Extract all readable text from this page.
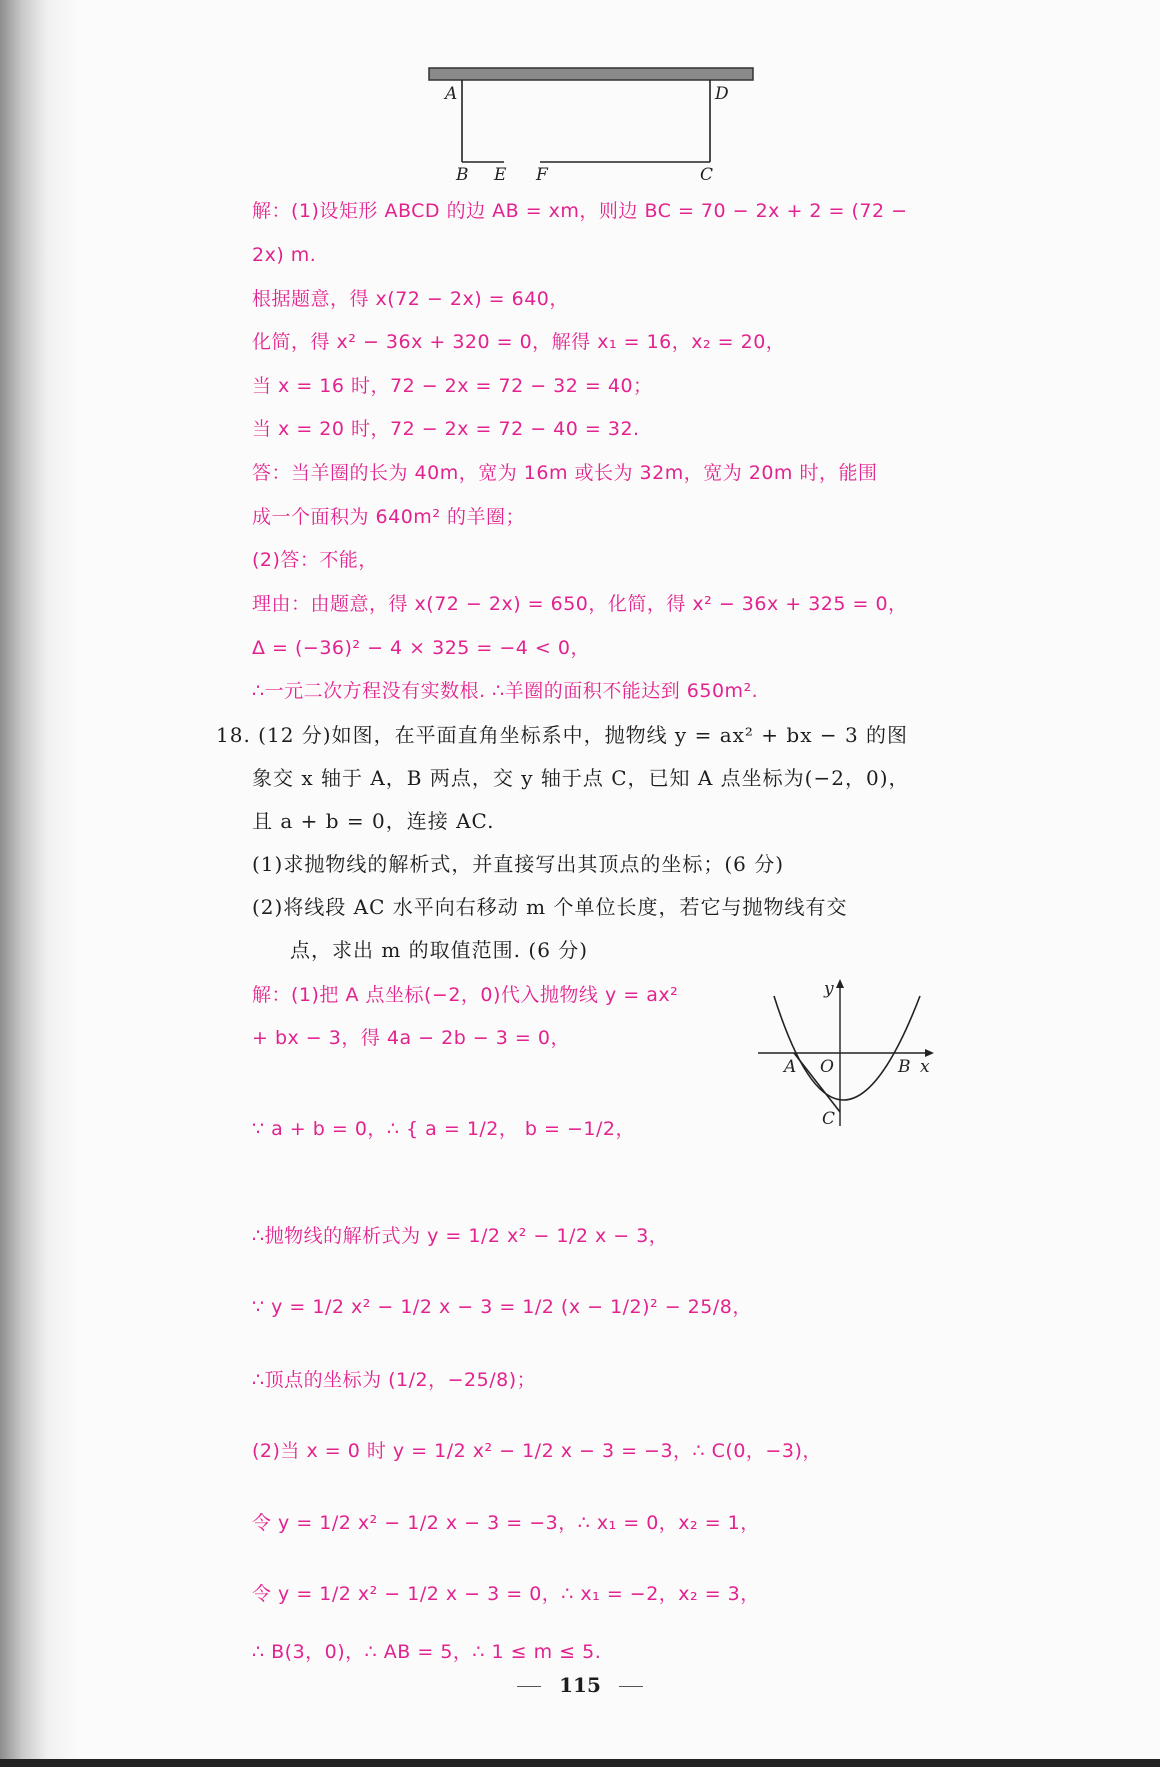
A	D
B E F	C
解：(1)设矩形 ABCD 的边 AB = xm，则边 BC = 70 − 2x + 2 = (72 −
2x) m.
根据题意，得 x(72 − 2x) = 640，
化简，得 x² − 36x + 320 = 0，解得 x₁ = 16，x₂ = 20，
当 x = 16 时，72 − 2x = 72 − 32 = 40；
当 x = 20 时，72 − 2x = 72 − 40 = 32.
答：当羊圈的长为 40m，宽为 16m 或长为 32m，宽为 20m 时，能围
成一个面积为 640m² 的羊圈；
(2)答：不能，
理由：由题意，得 x(72 − 2x) = 650，化简，得 x² − 36x + 325 = 0，
Δ = (−36)² − 4 × 325 = −4 < 0，
∴一元二次方程没有实数根. ∴羊圈的面积不能达到 650m².
18. (12 分)如图，在平面直角坐标系中，抛物线 y = ax² + bx − 3 的图
象交 x 轴于 A，B 两点，交 y 轴于点 C，已知 A 点坐标为(−2，0)，
且 a + b = 0，连接 AC.
(1)求抛物线的解析式，并直接写出其顶点的坐标；(6 分)
(2)将线段 AC 水平向右移动 m 个单位长度，若它与抛物线有交
点，求出 m 的取值范围. (6 分)
y
x
A O	B
C
解：(1)把 A 点坐标(−2，0)代入抛物线 y = ax²
+ bx − 3，得 4a − 2b − 3 = 0，
∵ a + b = 0，∴ { a = 1/2， b = −1/2，
∴抛物线的解析式为 y = 1/2 x² − 1/2 x − 3，
∵ y = 1/2 x² − 1/2 x − 3 = 1/2 (x − 1/2)² − 25/8，
∴顶点的坐标为 (1/2，−25/8)；
(2)当 x = 0 时 y = 1/2 x² − 1/2 x − 3 = −3，∴ C(0，−3)，
令 y = 1/2 x² − 1/2 x − 3 = −3，∴ x₁ = 0，x₂ = 1，
令 y = 1/2 x² − 1/2 x − 3 = 0，∴ x₁ = −2，x₂ = 3，
∴ B(3，0)，∴ AB = 5，∴ 1 ≤ m ≤ 5.
115
